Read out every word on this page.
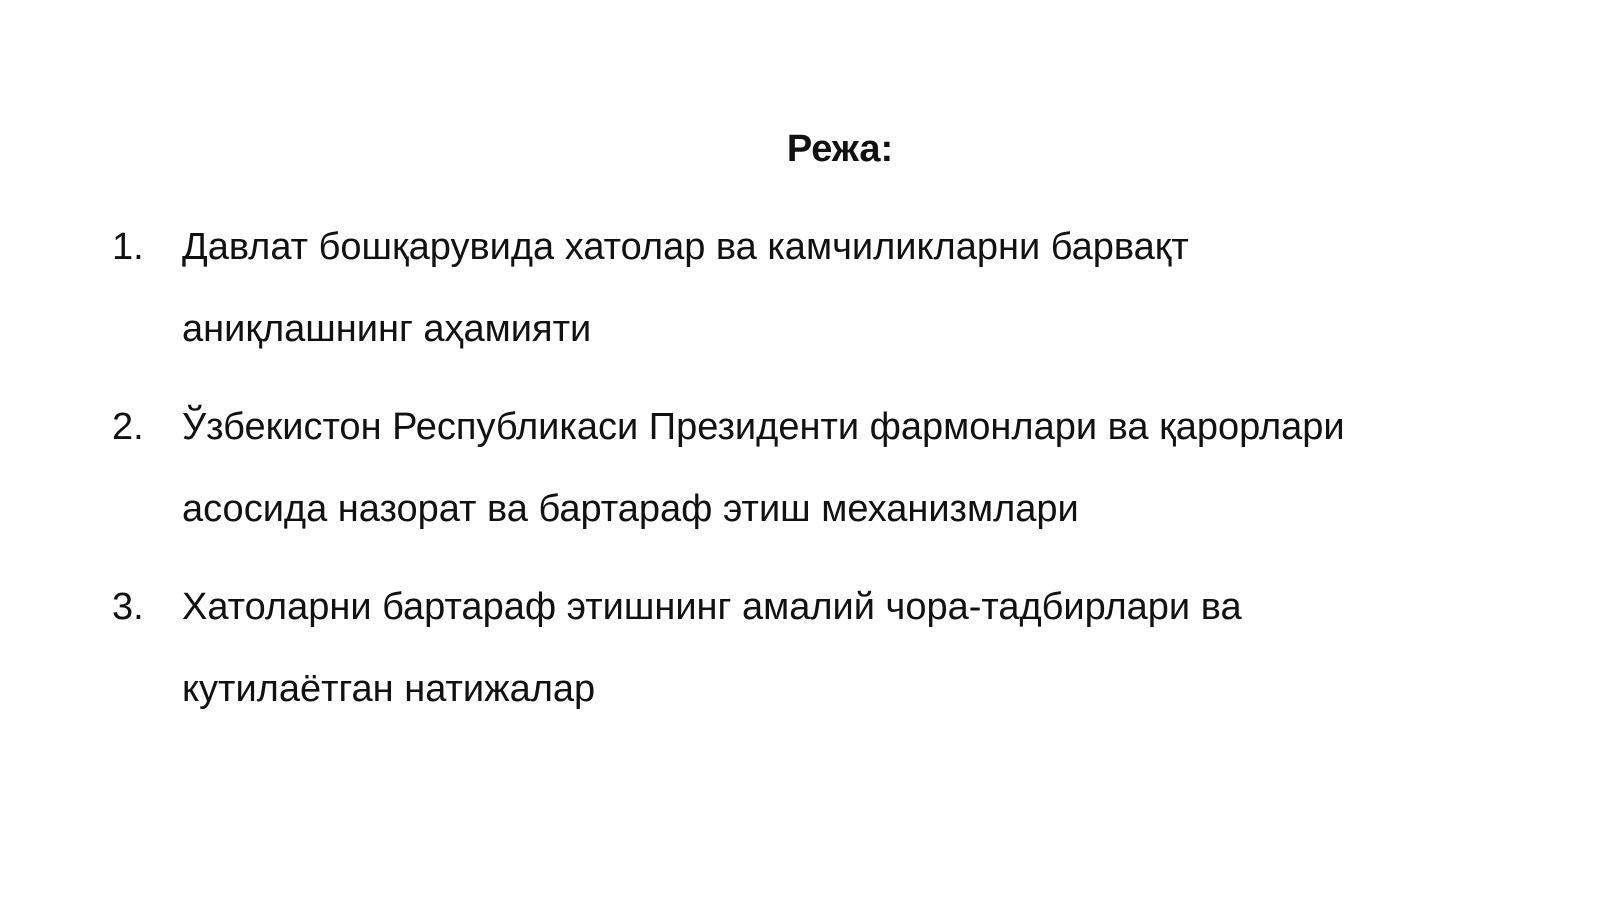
Режа:
1.	Давлат бошқарувида хатолар ва камчиликларни барвақт
аниқлашнинг аҳамияти
2.	Ўзбекистон Республикаси Президенти фармонлари ва қарорлари
асосида назорат ва бартараф этиш механизмлари
3.	Хатоларни бартараф этишнинг амалий чора-тадбирлари ва
кутилаётган натижалар
